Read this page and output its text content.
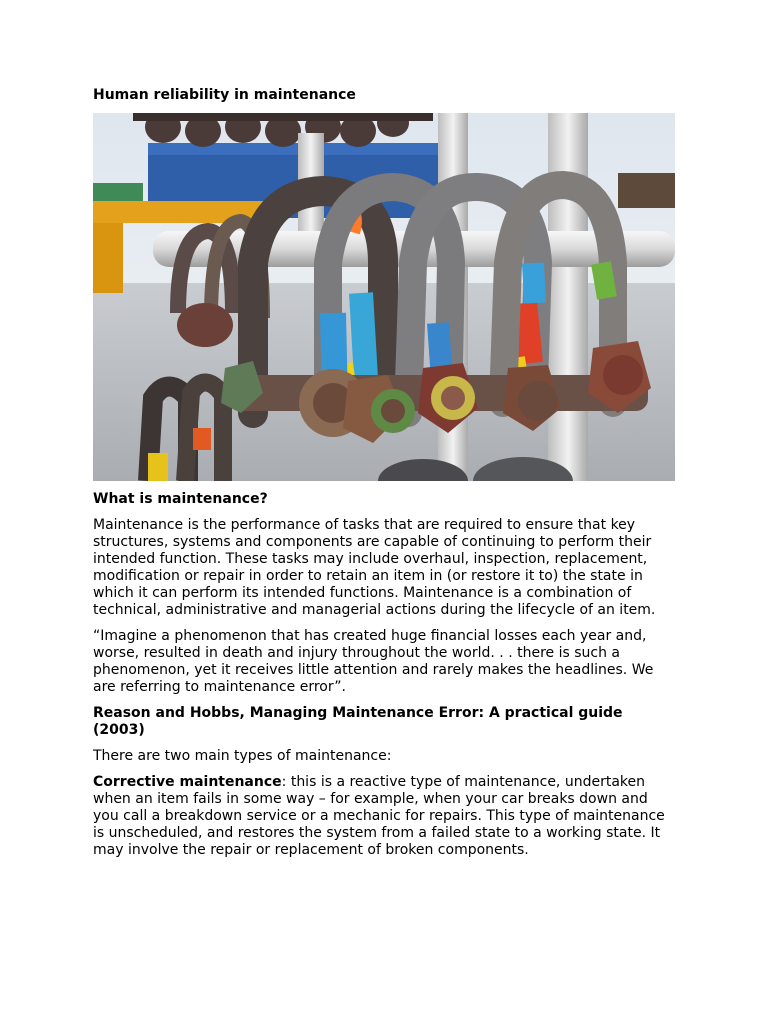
Human reliability in maintenance
What is maintenance?

Maintenance is the performance of tasks that are required to ensure that key structures, systems and components are capable of continuing to perform their intended function. These tasks may include overhaul, inspection, replacement, modification or repair in order to retain an item in (or restore it to) the state in which it can perform its intended functions. Maintenance is a combination of technical, administrative and managerial actions during the lifecycle of an item.

“Imagine a phenomenon that has created huge financial losses each year and, worse, resulted in death and injury throughout the world. . . there is such a phenomenon, yet it receives little attention and rarely makes the headlines. We are referring to maintenance error”.

Reason and Hobbs, Managing Maintenance Error: A practical guide (2003)

There are two main types of maintenance:

Corrective maintenance: this is a reactive type of maintenance, undertaken when an item fails in some way – for example, when your car breaks down and you call a breakdown service or a mechanic for repairs. This type of maintenance is unscheduled, and restores the system from a failed state to a working state. It may involve the repair or replacement of broken components.
